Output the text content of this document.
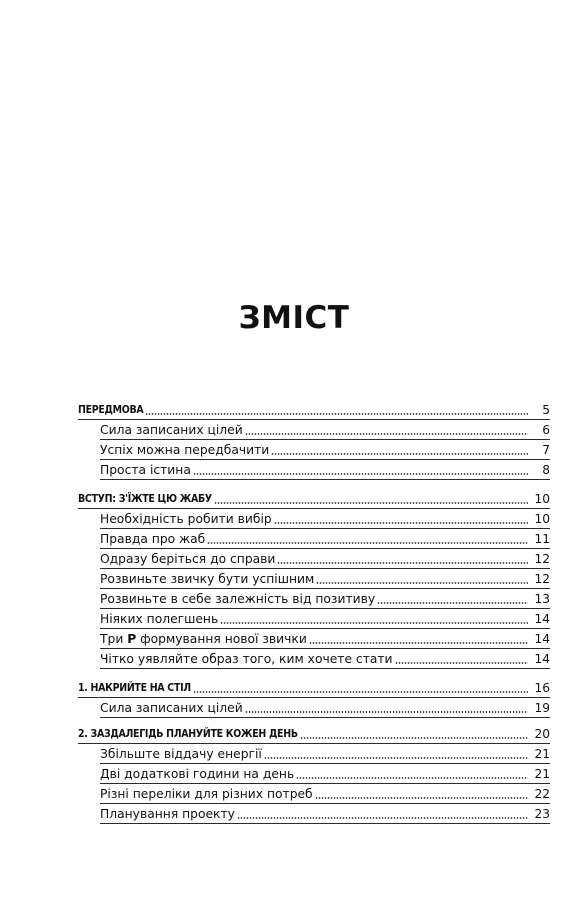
ЗМІСТ
ПЕРЕДМОВА	5
Сила записаних цілей	6
Успіх можна передбачити	7
Проста істина	8
ВСТУП: З'ЇЖТЕ ЦЮ ЖАБУ	10
Необхідність робити вибір	10
Правда про жаб	11
Одразу беріться до справи	12
Розвиньте звичку бути успішним	12
Розвиньте в себе залежність від позитиву	13
Ніяких полегшень	14
Три Р формування нової звички	14
Чітко уявляйте образ того, ким хочете стати	14
1. НАКРИЙТЕ НА СТІЛ	16
Сила записаних цілей	19
2. ЗАЗДАЛЕГІДЬ ПЛАНУЙТЕ КОЖЕН ДЕНЬ	20
Збільште віддачу енергії	21
Дві додаткові години на день	21
Різні переліки для різних потреб	22
Планування проекту	23
